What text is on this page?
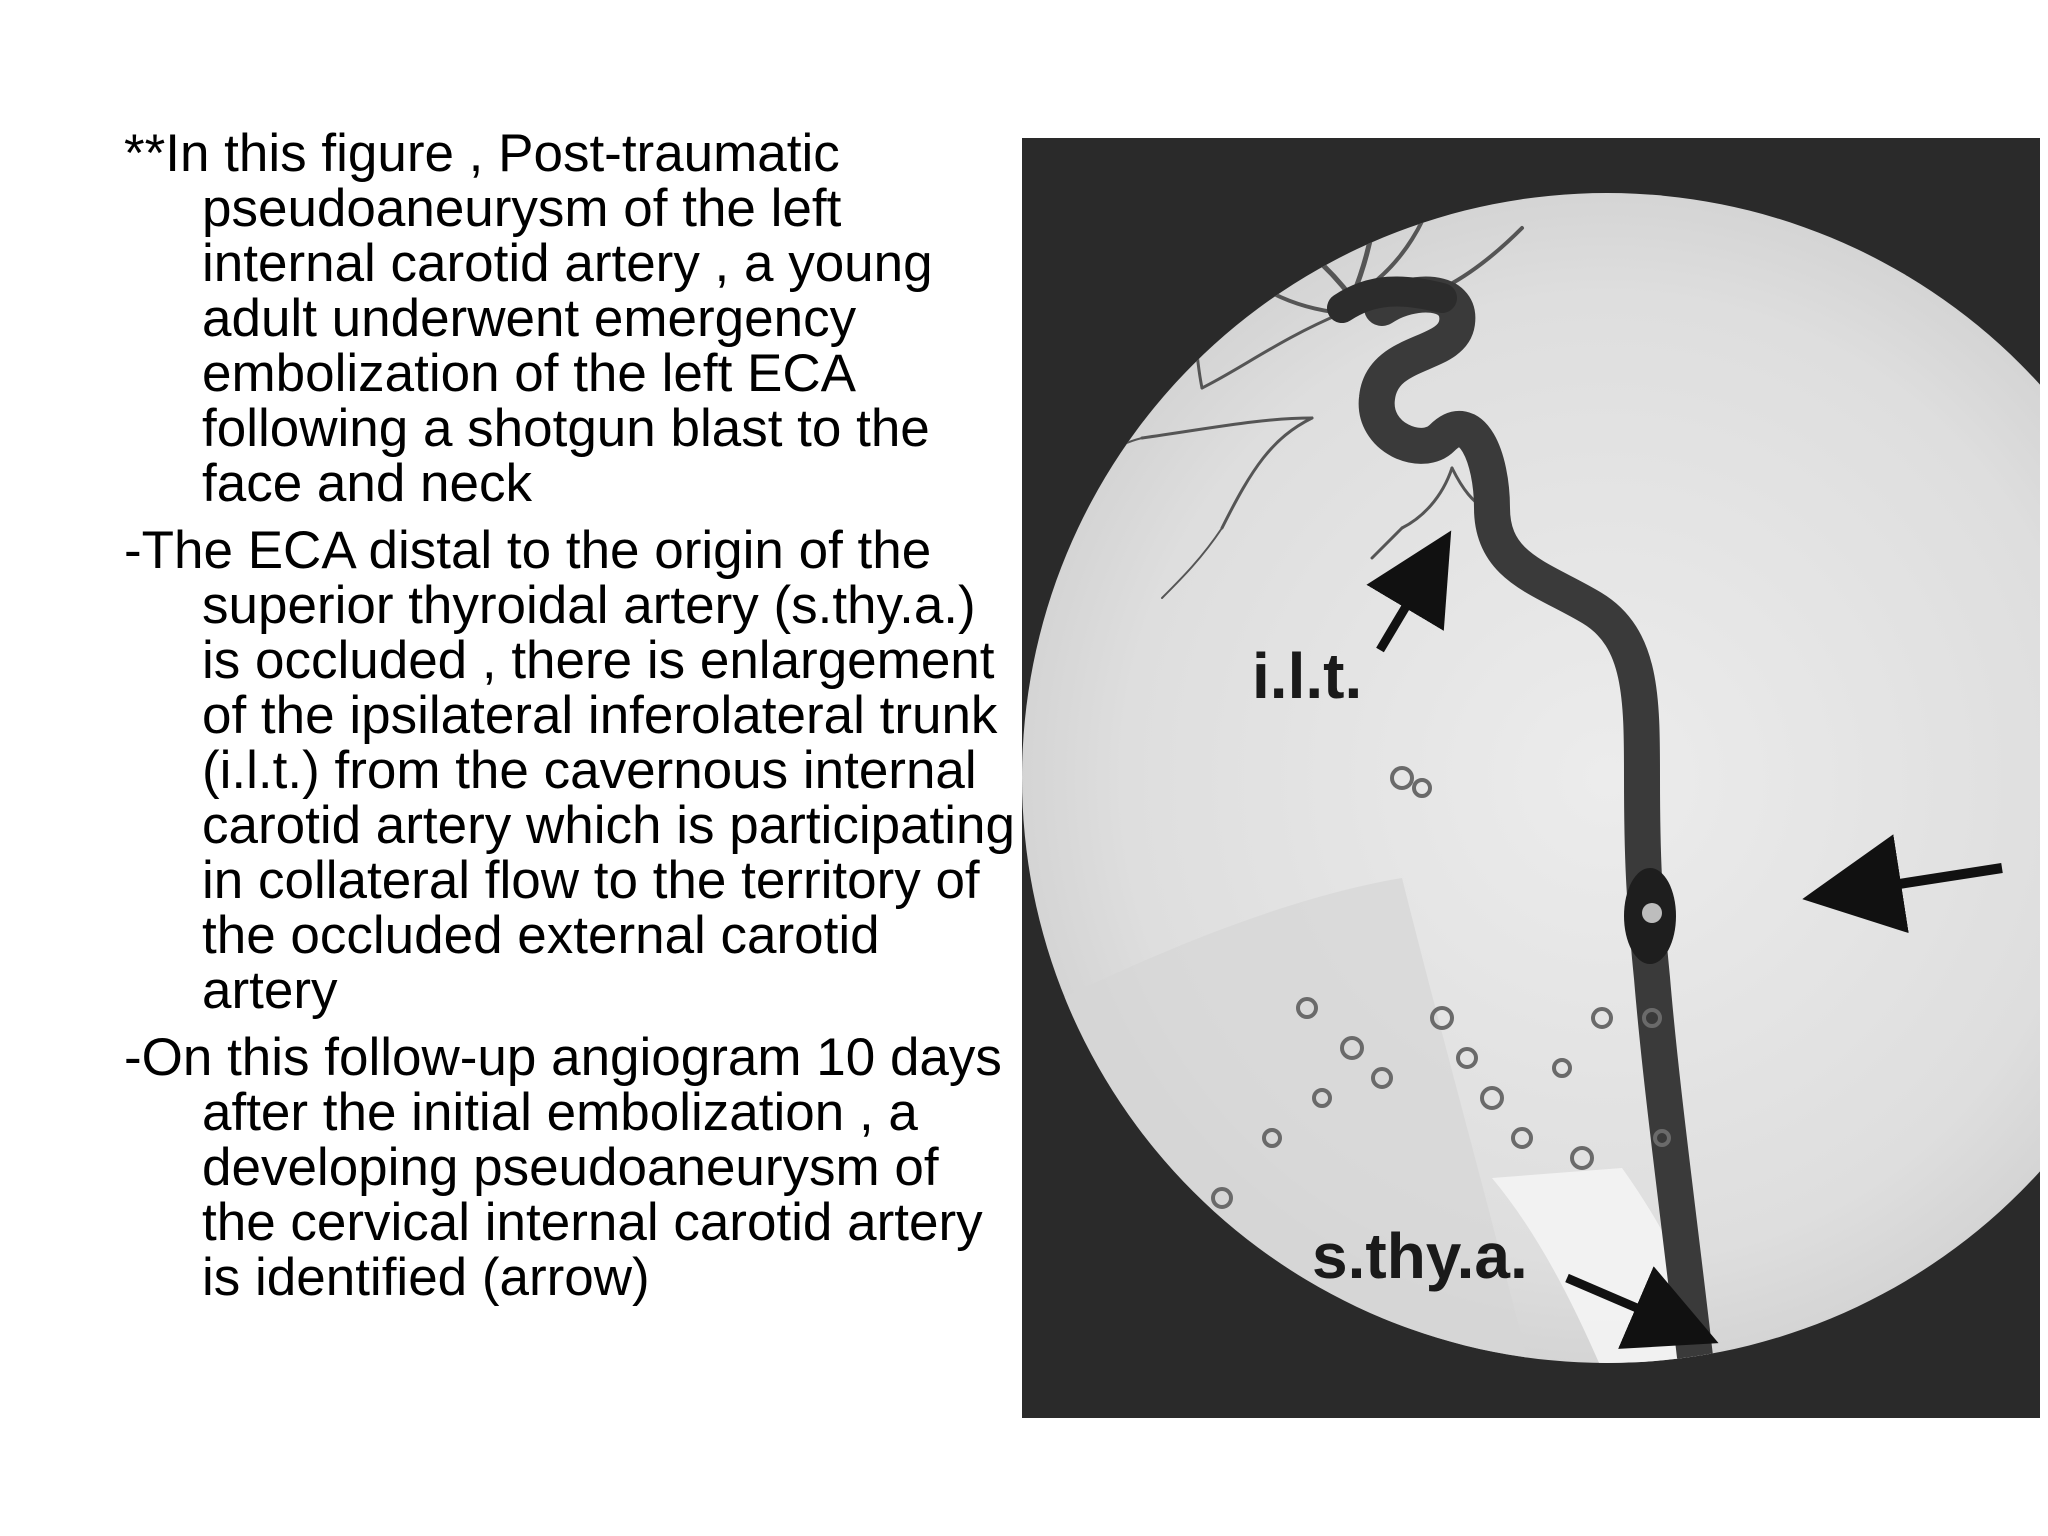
**In this figure , Post-traumatic pseudoaneurysm of the left internal carotid artery , a young adult underwent emergency embolization of the left ECA following a shotgun blast to the face and neck

-The ECA distal to the origin of the superior thyroidal artery (s.thy.a.) is occluded , there is enlargement of the ipsilateral inferolateral trunk (i.l.t.) from the cavernous internal carotid artery which is participating in collateral flow to the territory of the occluded external carotid artery

-On this follow-up angiogram 10 days after the initial embolization , a developing pseudoaneurysm of the cervical internal carotid artery is identified (arrow)

i.l.t.
s.thy.a.
